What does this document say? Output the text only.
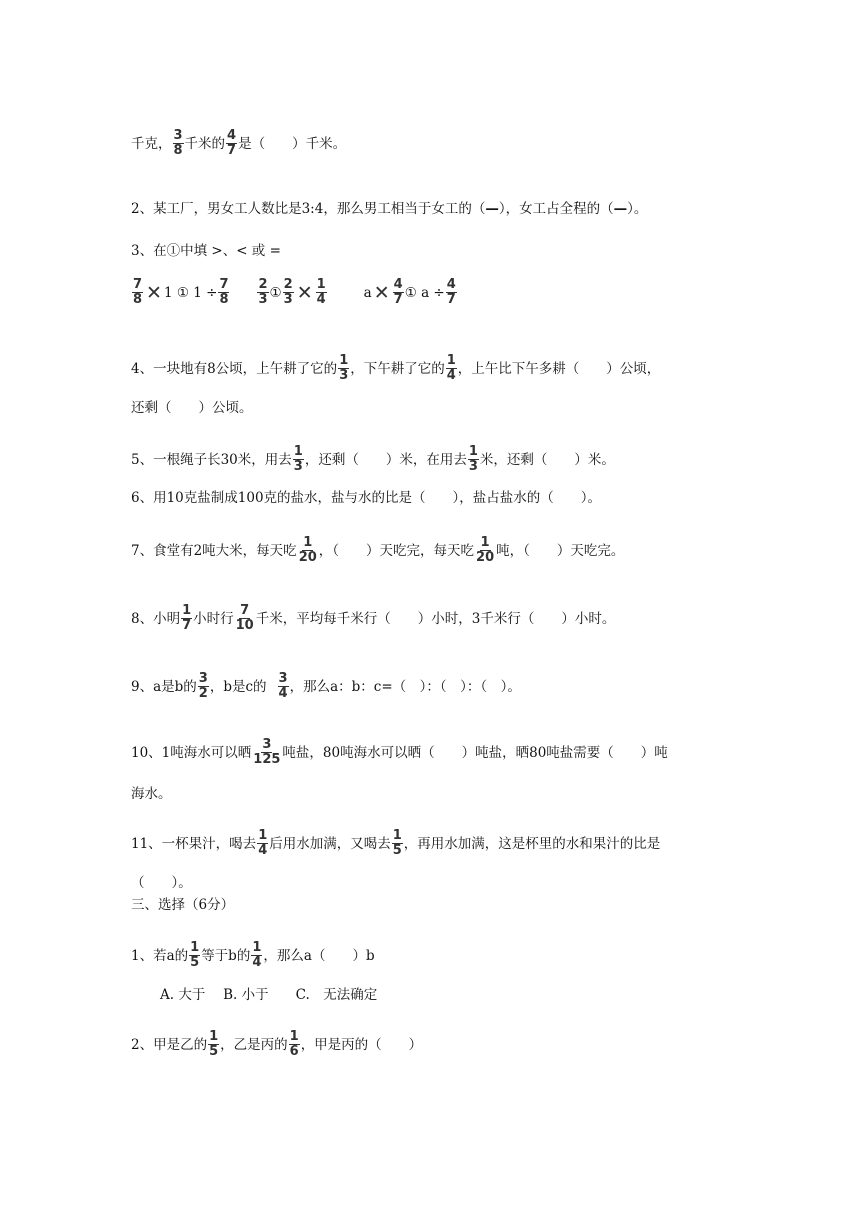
千克， $\frac{3}{8}$ 千米的 $\frac{4}{7}$ 是（　　）千米。
2、某工厂，男女工人数比是3:4，那么男工相当于女工的（ — ），女工占全程的（ — ）。
3、在①中填 >、< 或 =
$\frac{7}{8}$ ✕ 1 ① $1 \div \frac{7}{8} \frac{2}{3}$ ① $\frac{2}{3}$ ✕ $\frac{1}{4}$	a ✕ $\frac{4}{7}$ ① $a \div \frac{4}{7}$
4、一块地有8公顷，上午耕了它的 $\frac{1}{3}$ ，下午耕了它的 $\frac{1}{4}$ ，上午比下午多耕（　　）公顷，
还剩（　　）公顷。
5、一根绳子长30米，用去 $\frac{1}{3}$ ，还剩（　　）米，在用去 $\frac{1}{3}$ 米，还剩（　　）米。
6、用10克盐制成100克的盐水，盐与水的比是（　　），盐占盐水的（　　）。
7、食堂有2吨大米，每天吃 $\frac{1}{20}$ ，（　　）天吃完，每天吃 $\frac{1}{20}$ 吨，（　　）天吃完。
8、小明 $\frac{1}{7}$ 小时行 $\frac{7}{10}$ 千米，平均每千米行（　　）小时，3千米行（　　）小时。
9、a是b的 $\frac{3}{2}$ ，b是c的 $\frac{3}{4}$ ，那么a：b：c=（　）：（　）：（　）。
10、1吨海水可以晒 $\frac{3}{125}$ 吨盐，80吨海水可以晒（　　）吨盐，晒80吨盐需要（　　）吨
海水。
11、一杯果汁，喝去 $\frac{1}{4}$ 后用水加满，又喝去 $\frac{1}{5}$ ，再用水加满，这是杯里的水和果汁的比是
（　　）。
三、选择（6分）
1、若a的 $\frac{1}{5}$ 等于b的 $\frac{1}{4}$ ，那么a（　　）b
A. 大于　 B. 小于　　C.　无法确定
2、甲是乙的 $\frac{1}{5}$ ，乙是丙的 $\frac{1}{6}$ ，甲是丙的（　　）
